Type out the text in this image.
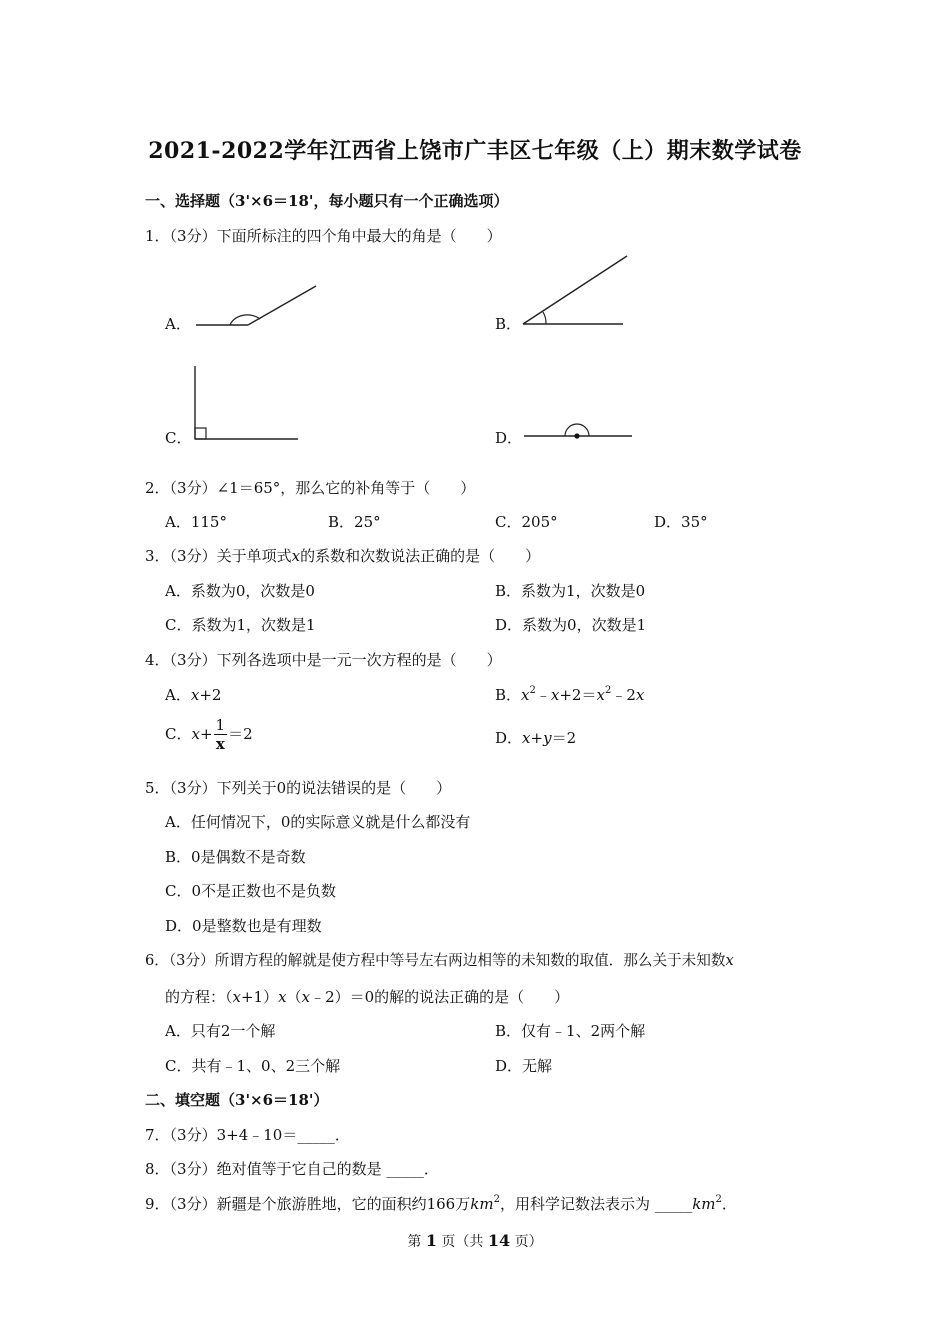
2021-2022学年江西省上饶市广丰区七年级（上）期末数学试卷
一、选择题（3'×6＝18'，每小题只有一个正确选项）
1．（3分）下面所标注的四个角中最大的角是（　　）
A．	B．
C．	D．
2．（3分）∠1＝65°，那么它的补角等于（　　）
A．115°	B．25°	C．205°	D．35°
3．（3分）关于单项式x的系数和次数说法正确的是（　　）
A．系数为0，次数是0	B．系数为1，次数是0
C．系数为1，次数是1	D．系数为0，次数是1
4．（3分）下列各选项中是一元一次方程的是（　　）
A．x+2	B．$x^2﹣x+2=x^2﹣2x$
C．$x+ \frac{1}{x} =2$	D．x+y＝2
5．（3分）下列关于0的说法错误的是（　　）
A．任何情况下，0的实际意义就是什么都没有
B．0是偶数不是奇数
C．0不是正数也不是负数
D．0是整数也是有理数
6．（3分）所谓方程的解就是使方程中等号左右两边相等的未知数的取值．那么关于未知数x
的方程：（x+1）x（x﹣2）＝0的解的说法正确的是（　　）
A．只有2一个解	B．仅有﹣1、2两个解
C．共有﹣1、0、2三个解	D．无解
二、填空题（3'×6＝18'）
7．（3分）3+4﹣10＝_____．
8．（3分）绝对值等于它自己的数是 _____．
9．（3分）新疆是个旅游胜地，它的面积约166万$km^2$，用科学记数法表示为 $\_\_\_\_\_km^2$．
第 1 页（共 14 页）
